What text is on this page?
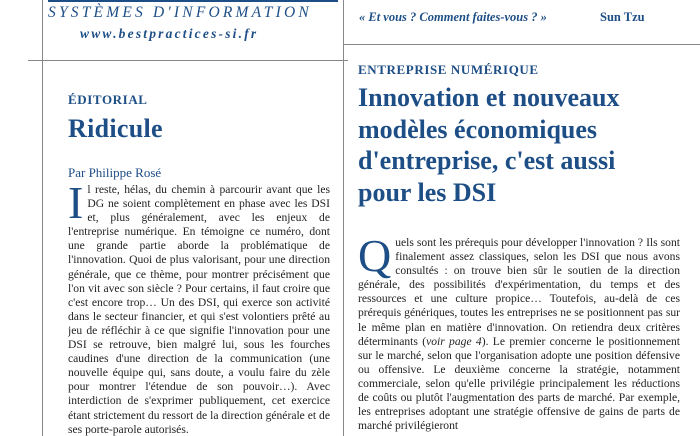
SYSTÈMES D'INFORMATION
www.bestpractices-si.fr
« Et vous ? Comment faites-vous ? »	Sun Tzu
ÉDITORIAL
Ridicule
Par Philippe Rosé
Il reste, hélas, du chemin à parcourir avant que les DG ne soient complètement en phase avec les DSI et, plus généralement, avec les enjeux de l'entreprise numérique. En témoigne ce numéro, dont une grande partie aborde la problématique de l'innovation. Quoi de plus valorisant, pour une direction générale, que ce thème, pour montrer précisément que l'on vit avec son siècle ? Pour certains, il faut croire que c'est encore trop… Un des DSI, qui exerce son activité dans le secteur financier, et qui s'est volontiers prêté au jeu de réfléchir à ce que signifie l'innovation pour une DSI se retrouve, bien malgré lui, sous les fourches caudines d'une direction de la communication (une nouvelle équipe qui, sans doute, a voulu faire du zèle pour montrer l'étendue de son pouvoir…). Avec interdiction de s'exprimer publiquement, cet exercice étant strictement du ressort de la direction générale et de ses porte-parole autorisés.
ENTREPRISE NUMÉRIQUE
Innovation et nouveaux modèles économiques d'entreprise, c'est aussi pour les DSI
Quels sont les prérequis pour développer l'innovation ? Ils sont finalement assez classiques, selon les DSI que nous avons consultés : on trouve bien sûr le soutien de la direction générale, des possibilités d'expérimentation, du temps et des ressources et une culture propice… Toutefois, au-delà de ces prérequis génériques, toutes les entreprises ne se positionnent pas sur le même plan en matière d'innovation. On retiendra deux critères déterminants (voir page 4). Le premier concerne le positionnement sur le marché, selon que l'organisation adopte une position défensive ou offensive. Le deuxième concerne la stratégie, notamment commerciale, selon qu'elle privilégie principalement les réductions de coûts ou plutôt l'augmentation des parts de marché. Par exemple, les entreprises adoptant une stratégie offensive de gains de parts de marché privilégieront
